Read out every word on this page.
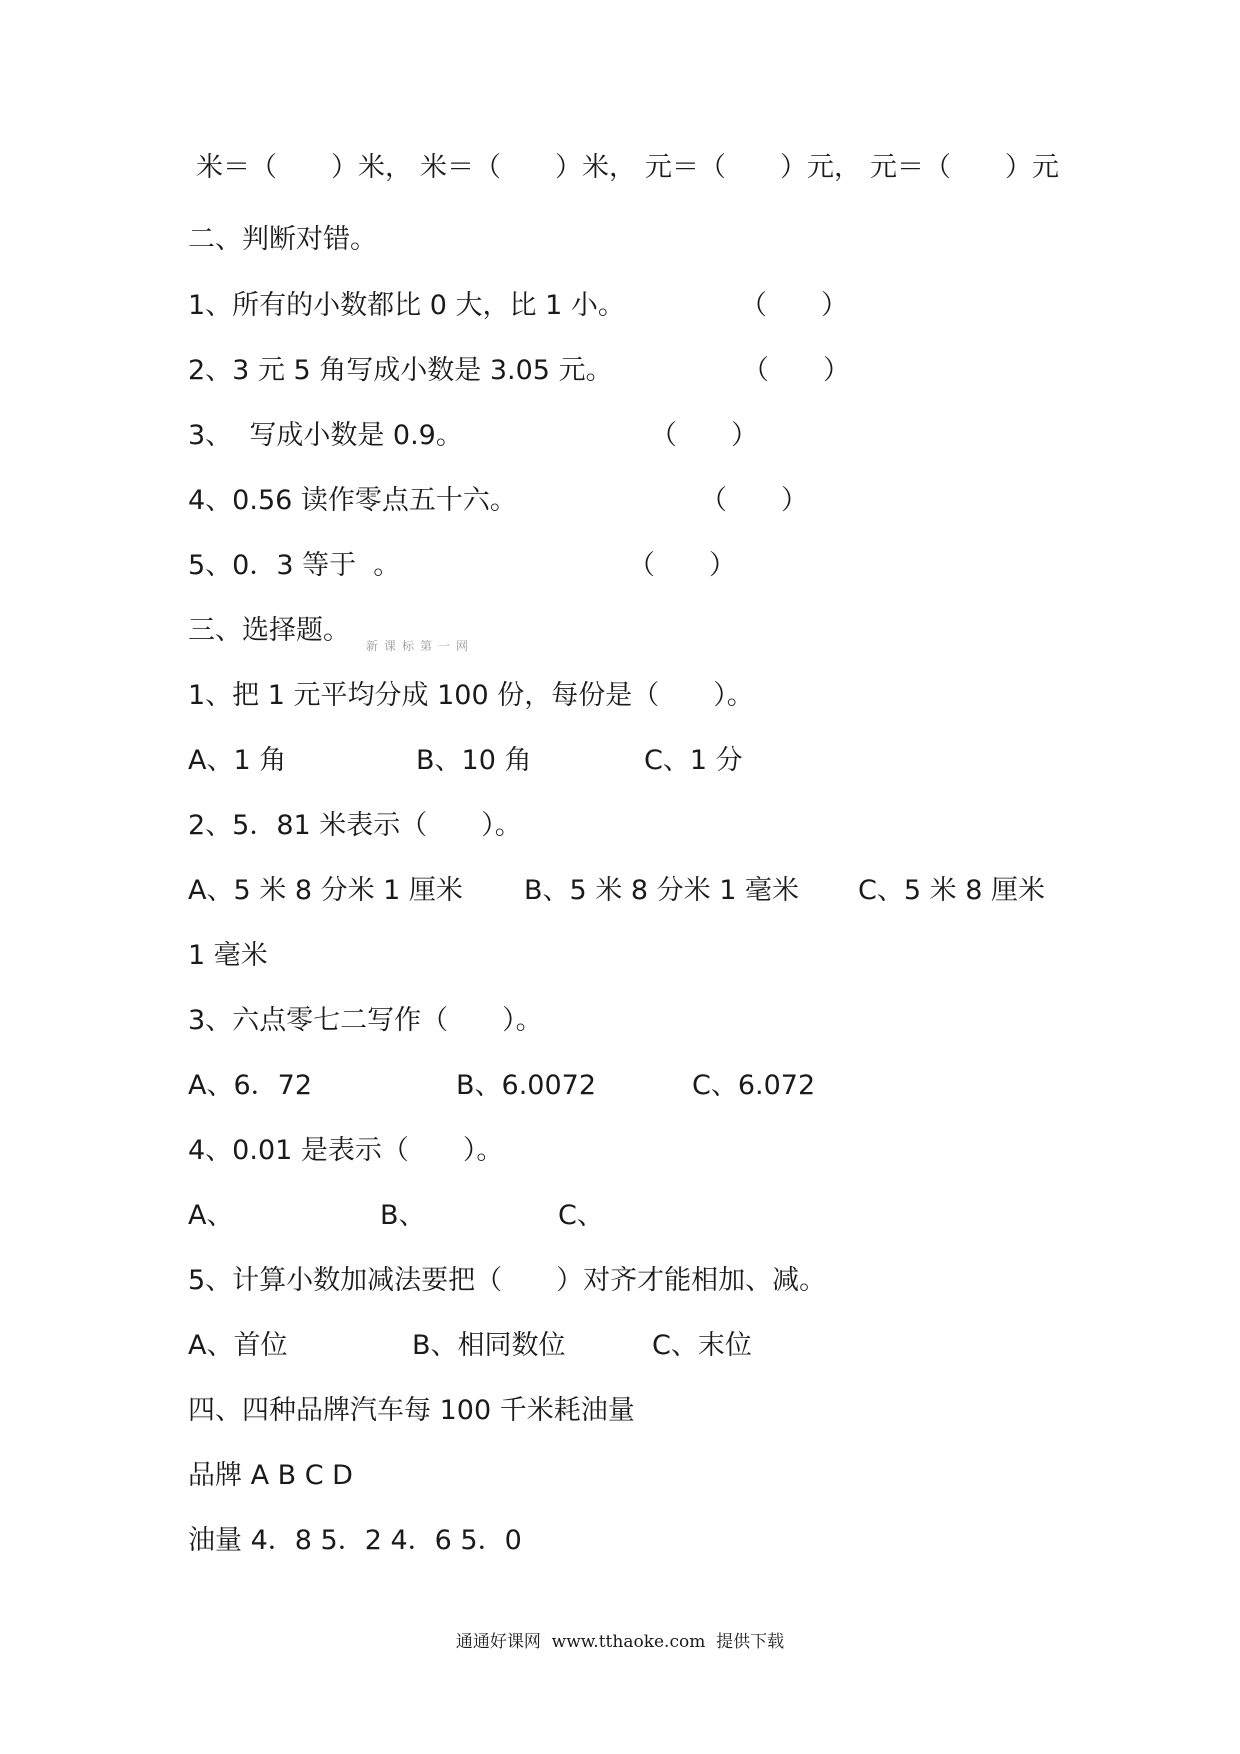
米＝（　　）米， 米＝（　　）米， 元＝（　　）元， 元＝（　　）元
二、判断对错。
1、所有的小数都比 0 大，比 1 小。	（　　）
2、3 元 5 角写成小数是 3.05 元。	（　　）
3、  写成小数是 0.9。	（　　）
4、0.56 读作零点五十六。	（　　）
5、0．3 等于  。	（　　）
三、选择题。 新课标第一网
1、把 1 元平均分成 100 份，每份是（　　）。
A、1 角	B、10 角	C、1 分
2、5．81 米表示（　　）。
A、5 米 8 分米 1 厘米 B、5 米 8 分米 1 毫米 C、5 米 8 厘米
1 毫米
3、六点零七二写作（　　）。
A、6．72	B、6.0072	C、6.072
4、0.01 是表示（　　）。
A、	B、	C、
5、计算小数加减法要把（　　）对齐才能相加、减。
A、首位	B、相同数位	C、末位
四、四种品牌汽车每 100 千米耗油量
品牌 A B C D
油量 4．8 5．2 4．6 5．0
通通好课网  www.tthaoke.com  提供下载
